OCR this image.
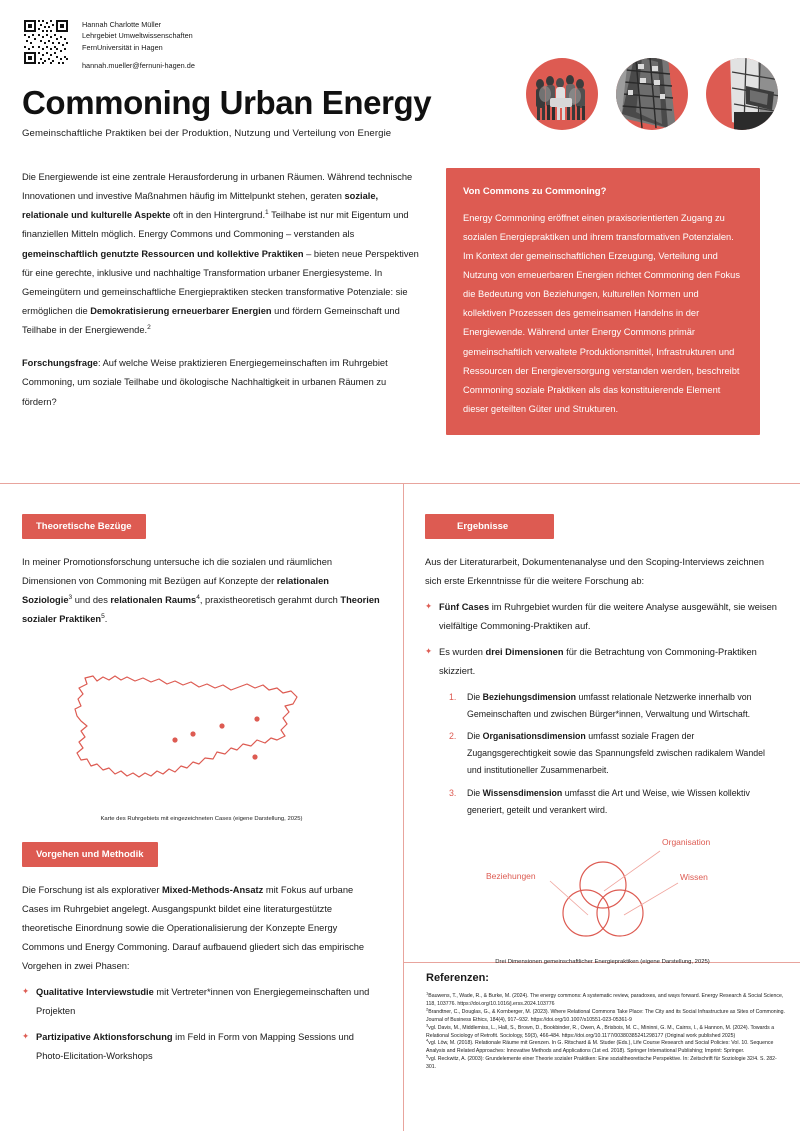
Hannah Charlotte Müller
Lehrgebiet Umweltwissenschaften
FernUniversität in Hagen
hannah.mueller@fernuni-hagen.de
Commoning Urban Energy
Gemeinschaftliche Praktiken bei der Produktion, Nutzung und Verteilung von Energie

Die Energiewende ist eine zentrale Herausforderung in urbanen Räumen. Während technische Innovationen und investive Maßnahmen häufig im Mittelpunkt stehen, geraten soziale, relationale und kulturelle Aspekte oft in den Hintergrund.$^1$ Teilhabe ist nur mit Eigentum und finanziellen Mitteln möglich. Energy Commons und Commoning – verstanden als gemeinschaftlich genutzte Ressourcen und kollektive Praktiken – bieten neue Perspektiven für eine gerechte, inklusive und nachhaltige Transformation urbaner Energiesysteme. In Gemeingütern und gemeinschaftliche Energiepraktiken stecken transformative Potenziale: sie ermöglichen die Demokratisierung erneuerbarer Energien und fördern Gemeinschaft und Teilhabe in der Energiewende.$^2$

Forschungsfrage: Auf welche Weise praktizieren Energiegemeinschaften im Ruhrgebiet Commoning, um soziale Teilhabe und ökologische Nachhaltigkeit in urbanen Räumen zu fördern?

Von Commons zu Commoning?
Energy Commoning eröffnet einen praxisorientierten Zugang zu sozialen Energiepraktiken und ihrem transformativen Potenzialen. Im Kontext der gemeinschaftlichen Erzeugung, Verteilung und Nutzung von erneuerbaren Energien richtet Commoning den Fokus die Bedeutung von Beziehungen, kulturellen Normen und kollektiven Prozessen des gemeinsamen Handelns in der Energiewende. Während unter Energy Commons primär gemeinschaftlich verwaltete Produktionsmittel, Infrastrukturen und Ressourcen der Energieversorgung verstanden werden, beschreibt Commoning soziale Praktiken als das konstituierende Element dieser geteilten Güter und Strukturen.
Theoretische Bezüge
In meiner Promotionsforschung untersuche ich die sozialen und räumlichen Dimensionen von Commoning mit Bezügen auf Konzepte der relationalen Soziologie$^3$ und des relationalen Raums$^4$, praxistheoretisch gerahmt durch Theorien sozialer Praktiken$^5$.
Karte des Ruhrgebiets mit eingezeichneten Cases (eigene Darstellung, 2025)
Vorgehen und Methodik
Die Forschung ist als explorativer Mixed-Methods-Ansatz mit Fokus auf urbane Cases im Ruhrgebiet angelegt. Ausgangspunkt bildet eine literaturgestützte theoretische Einordnung sowie die Operationalisierung der Konzepte Energy Commons und Energy Commoning. Darauf aufbauend gliedert sich das empirische Vorgehen in zwei Phasen:
✦ Qualitative Interviewstudie mit Vertreter*innen von Energiegemeinschaften und Projekten
✦ Partizipative Aktionsforschung im Feld in Form von Mapping Sessions und Photo-Elicitation-Workshops
Ergebnisse
Aus der Literaturarbeit, Dokumentenanalyse und den Scoping-Interviews zeichnen sich erste Erkenntnisse für die weitere Forschung ab:
✦ Fünf Cases im Ruhrgebiet wurden für die weitere Analyse ausgewählt, sie weisen vielfältige Commoning-Praktiken auf.
✦ Es wurden drei Dimensionen für die Betrachtung von Commoning-Praktiken skizziert.
1. Die Beziehungsdimension umfasst relationale Netzwerke innerhalb von Gemeinschaften und zwischen Bürger*innen, Verwaltung und Wirtschaft.
2. Die Organisationsdimension umfasst soziale Fragen der Zugangsgerechtigkeit sowie das Spannungsfeld zwischen radikalem Wandel und institutioneller Zusammenarbeit.
3. Die Wissensdimension umfasst die Art und Weise, wie Wissen kollektiv generiert, geteilt und verankert wird.
Organisation
Beziehungen	Wissen
Drei Dimensionen gemeinschaftlicher Energiepraktiken (eigene Darstellung, 2025)
Referenzen:
$^1$Bauwens, T., Wade, R., & Burke, M. (2024). The energy commons: A systematic review, paradoxes, and ways forward. Energy Research & Social Science, 118, 103776. https://doi.org/10.1016/j.erss.2024.103776
$^2$Brandtner, C., Douglas, G., & Kornberger, M. (2023). Where Relational Commons Take Place: The City and its Social Infrastructure as Sites of Commoning. Journal of Business Ethics, 184(4), 917–932. https://doi.org/10.1007/s10551-023-05361-9
$^3$vgl. Davis, M., Middlemiss, L., Hall, S., Brown, D., Bookbinder, R., Owen, A., Brisbois, M. C., Mininni, G. M., Cairns, I., & Hannon, M. (2024). Towards a Relational Sociology of Retrofit. Sociology, 59(3), 466-484. https://doi.org/10.1177/00380385241298177 (Original work published 2025)
$^4$vgl. Löw, M. (2018). Relationale Räume mit Grenzen. In G. Ritschard & M. Studer (Eds.), Life Course Research and Social Policies: Vol. 10. Sequence Analysis and Related Approaches: Innovative Methods and Applications (1st ed. 2018). Springer International Publishing; Imprint: Springer.
$^5$vgl. Reckwitz, A. (2003): Grundelemente einer Theorie sozialer Praktiken: Eine sozialtheoretische Perspektive. In: Zeitschrift für Soziologie 32/4. S. 282-301.
